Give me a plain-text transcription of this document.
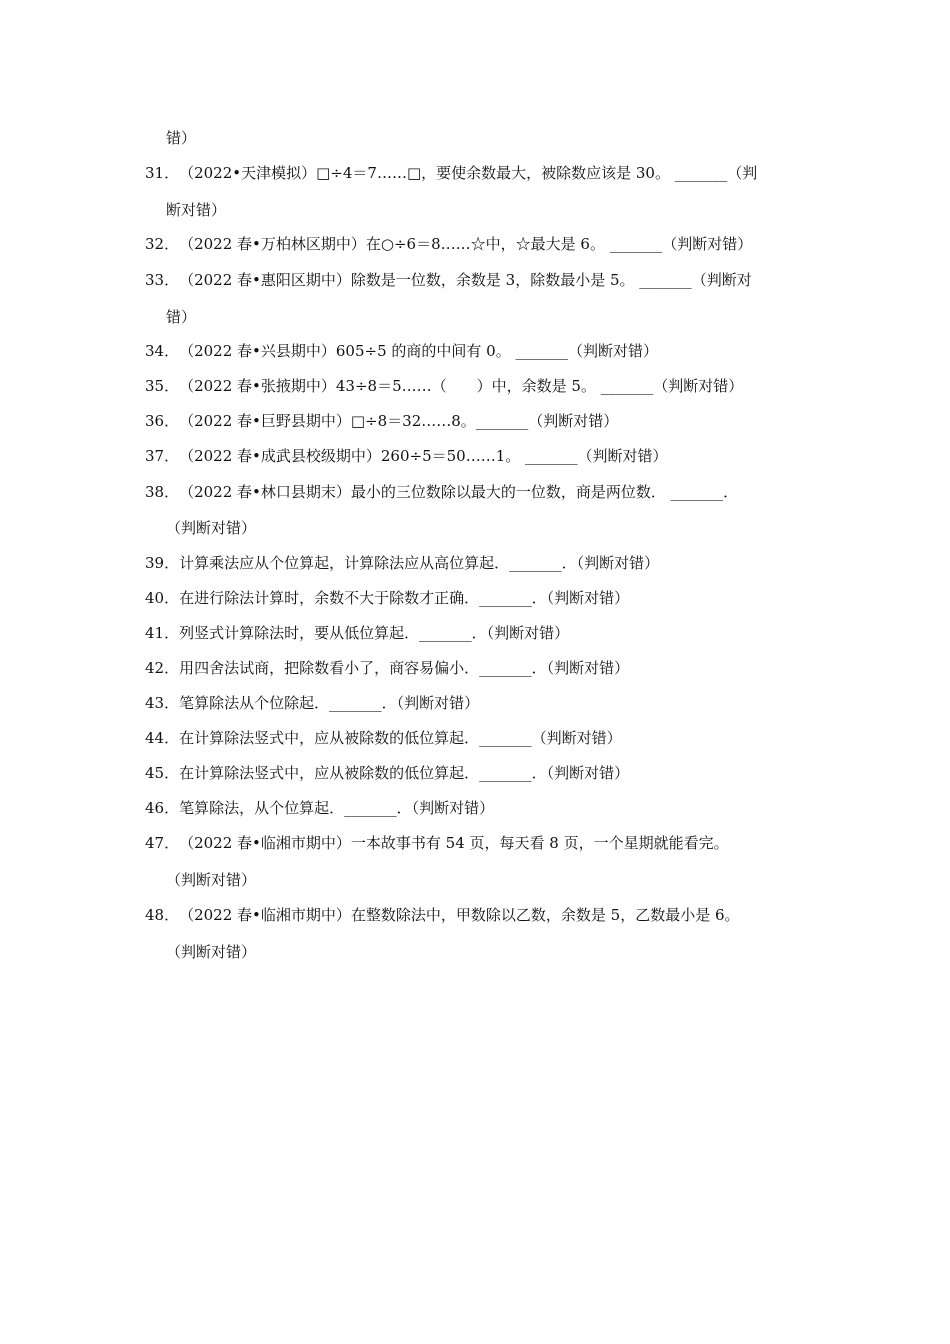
错）
31．（2022•天津模拟）□÷4＝7……□，要使余数最大，被除数应该是 30。 _______（判
断对错）
32．（2022 春•万柏林区期中）在○÷6＝8……☆中，☆最大是 6。 _______（判断对错）
33．（2022 春•惠阳区期中）除数是一位数，余数是 3，除数最小是 5。 _______（判断对
错）
34．（2022 春•兴县期中）605÷5 的商的中间有 0。 _______（判断对错）
35．（2022 春•张掖期中）43÷8＝5……（　　）中，余数是 5。 _______（判断对错）
36．（2022 春•巨野县期中）□÷8＝32……8。_______（判断对错）
37．（2022 春•成武县校级期中）260÷5＝50……1。 _______（判断对错）
38．（2022 春•林口县期末）最小的三位数除以最大的一位数，商是两位数． _______．
（判断对错）
39．计算乘法应从个位算起，计算除法应从高位算起．_______．（判断对错）
40．在进行除法计算时，余数不大于除数才正确．_______．（判断对错）
41．列竖式计算除法时，要从低位算起．_______．（判断对错）
42．用四舍法试商，把除数看小了，商容易偏小．_______．（判断对错）
43．笔算除法从个位除起．_______．（判断对错）
44．在计算除法竖式中，应从被除数的低位算起．_______（判断对错）
45．在计算除法竖式中，应从被除数的低位算起．_______．（判断对错）
46．笔算除法，从个位算起．_______．（判断对错）
47．（2022 春•临湘市期中）一本故事书有 54 页，每天看 8 页，一个星期就能看完。
（判断对错）
48．（2022 春•临湘市期中）在整数除法中，甲数除以乙数，余数是 5，乙数最小是 6。
（判断对错）
